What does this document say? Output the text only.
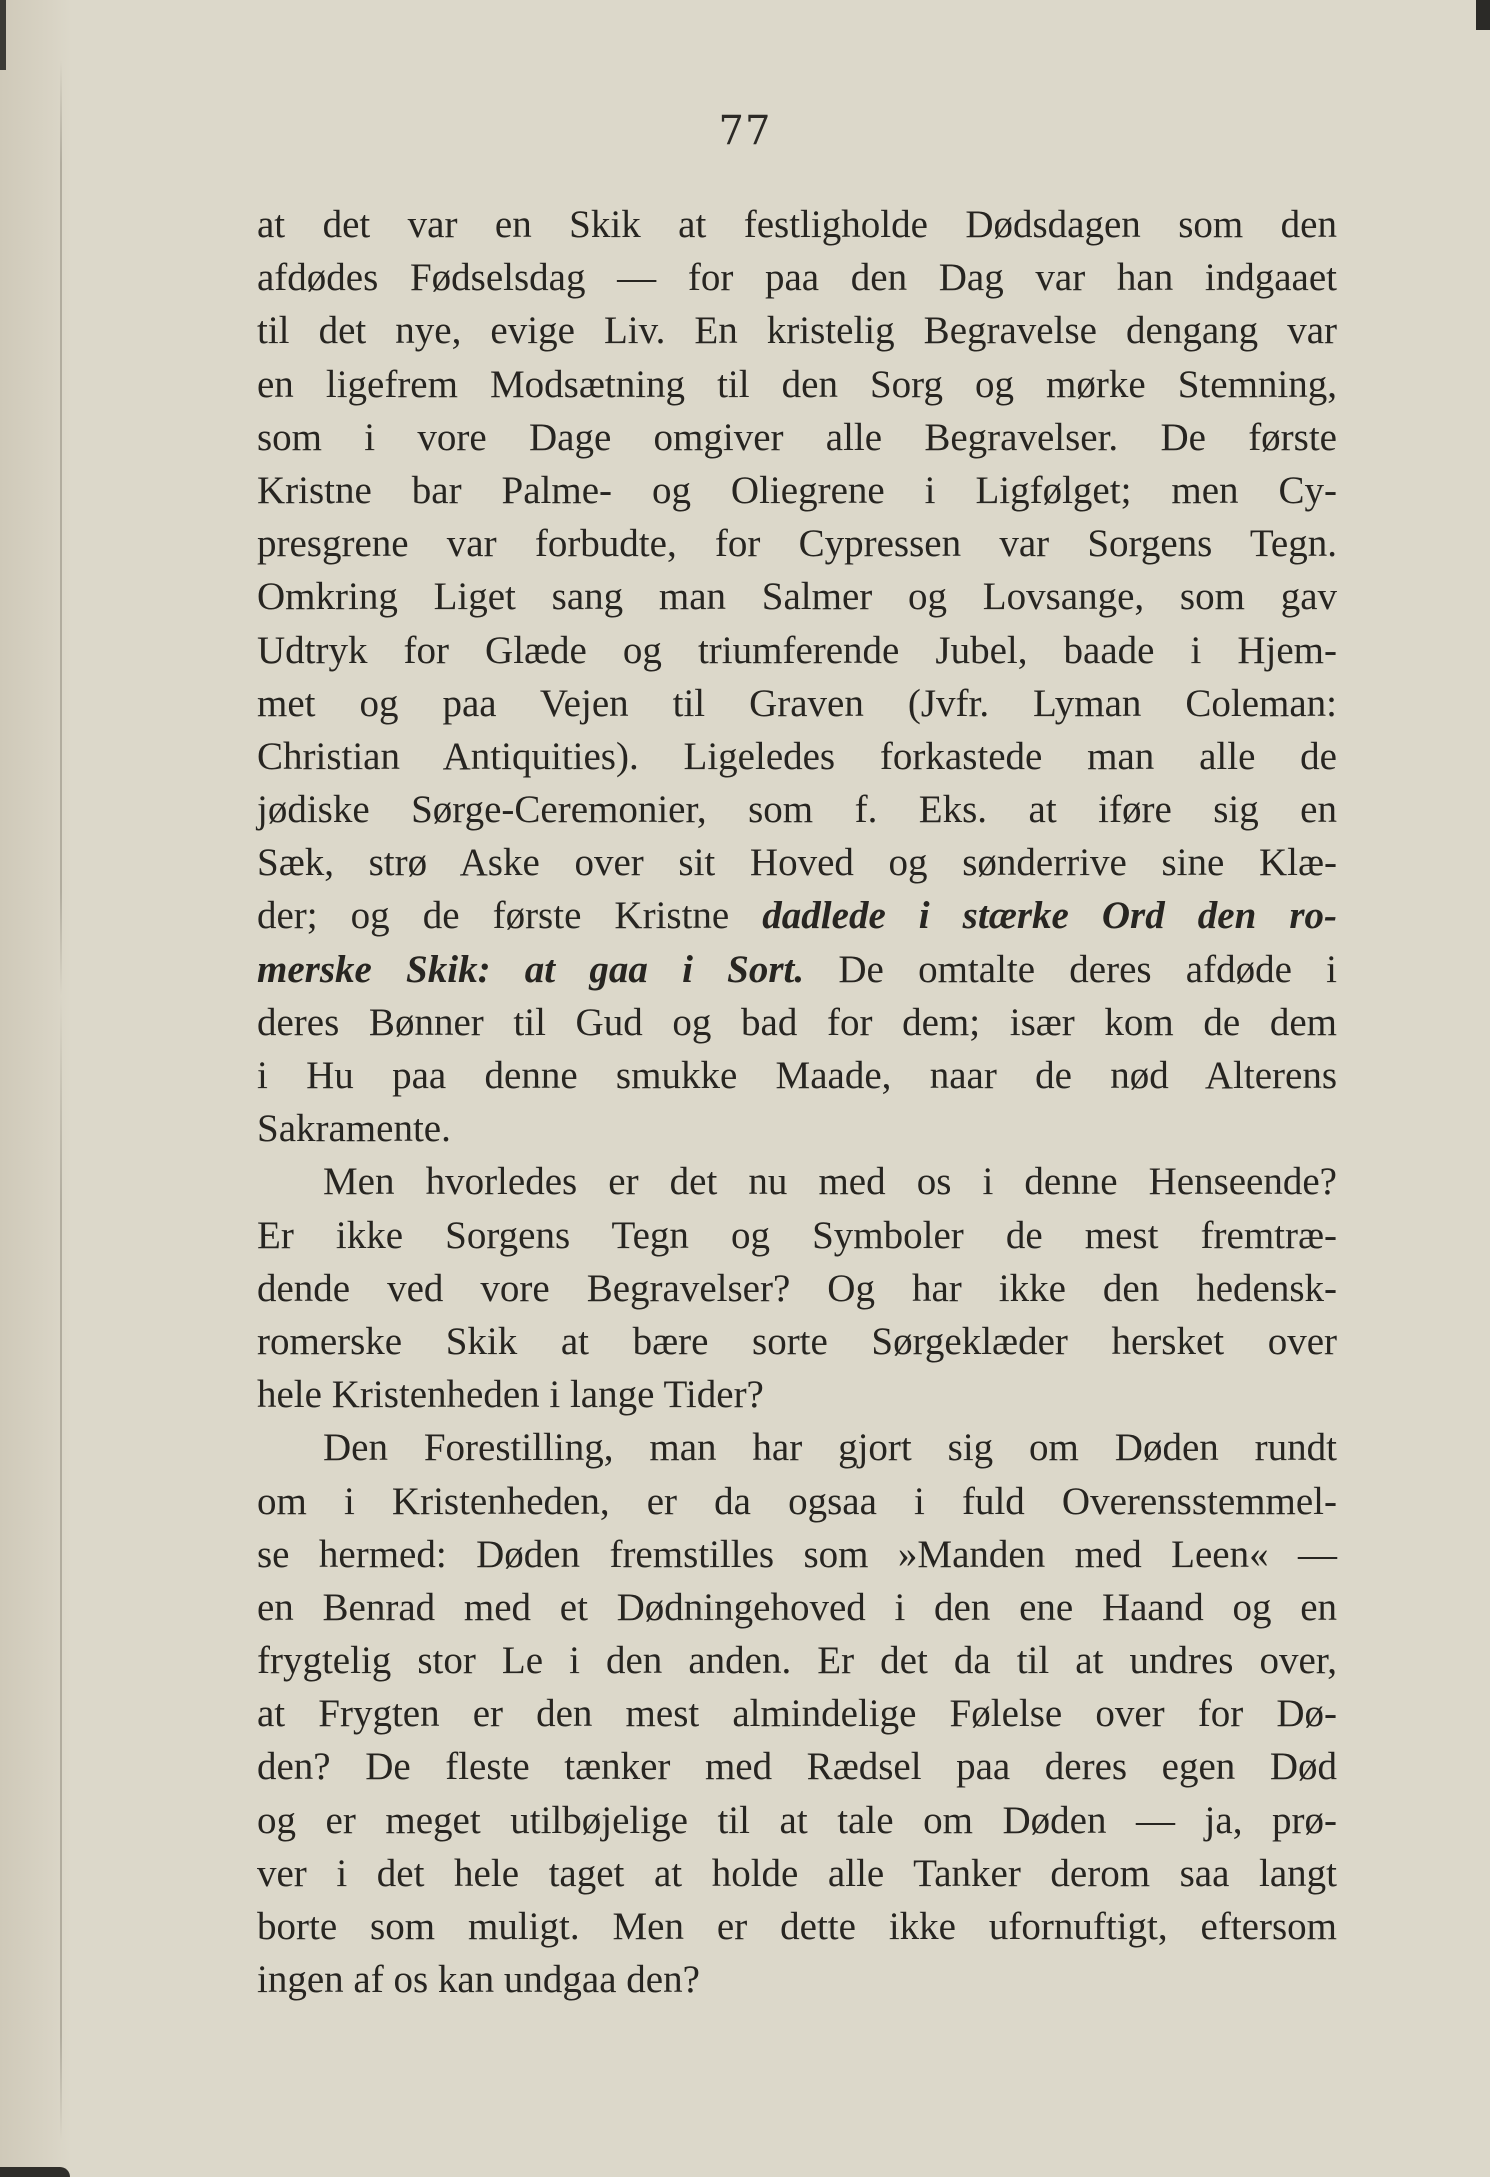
77
at det var en Skik at festligholde Dødsdagen som den
afdødes Fødselsdag — for paa den Dag var han indgaaet
til det nye, evige Liv. En kristelig Begravelse dengang var
en ligefrem Modsætning til den Sorg og mørke Stemning,
som i vore Dage omgiver alle Begravelser. De første
Kristne bar Palme- og Oliegrene i Ligfølget; men Cy-
presgrene var forbudte, for Cypressen var Sorgens Tegn.
Omkring Liget sang man Salmer og Lovsange, som gav
Udtryk for Glæde og triumferende Jubel, baade i Hjem-
met og paa Vejen til Graven (Jvfr. Lyman Coleman:
Christian Antiquities). Ligeledes forkastede man alle de
jødiske Sørge-Ceremonier, som f. Eks. at iføre sig en
Sæk, strø Aske over sit Hoved og sønderrive sine Klæ-
der; og de første Kristne dadlede i stærke Ord den ro-
merske Skik: at gaa i Sort. De omtalte deres afdøde i
deres Bønner til Gud og bad for dem; især kom de dem
i Hu paa denne smukke Maade, naar de nød Alterens
Sakramente.
Men hvorledes er det nu med os i denne Henseende?
Er ikke Sorgens Tegn og Symboler de mest fremtræ-
dende ved vore Begravelser? Og har ikke den hedensk-
romerske Skik at bære sorte Sørgeklæder hersket over
hele Kristenheden i lange Tider?
Den Forestilling, man har gjort sig om Døden rundt
om i Kristenheden, er da ogsaa i fuld Overensstemmel-
se hermed: Døden fremstilles som »Manden med Leen« —
en Benrad med et Dødningehoved i den ene Haand og en
frygtelig stor Le i den anden. Er det da til at undres over,
at Frygten er den mest almindelige Følelse over for Dø-
den? De fleste tænker med Rædsel paa deres egen Død
og er meget utilbøjelige til at tale om Døden — ja, prø-
ver i det hele taget at holde alle Tanker derom saa langt
borte som muligt. Men er dette ikke ufornuftigt, eftersom
ingen af os kan undgaa den?
